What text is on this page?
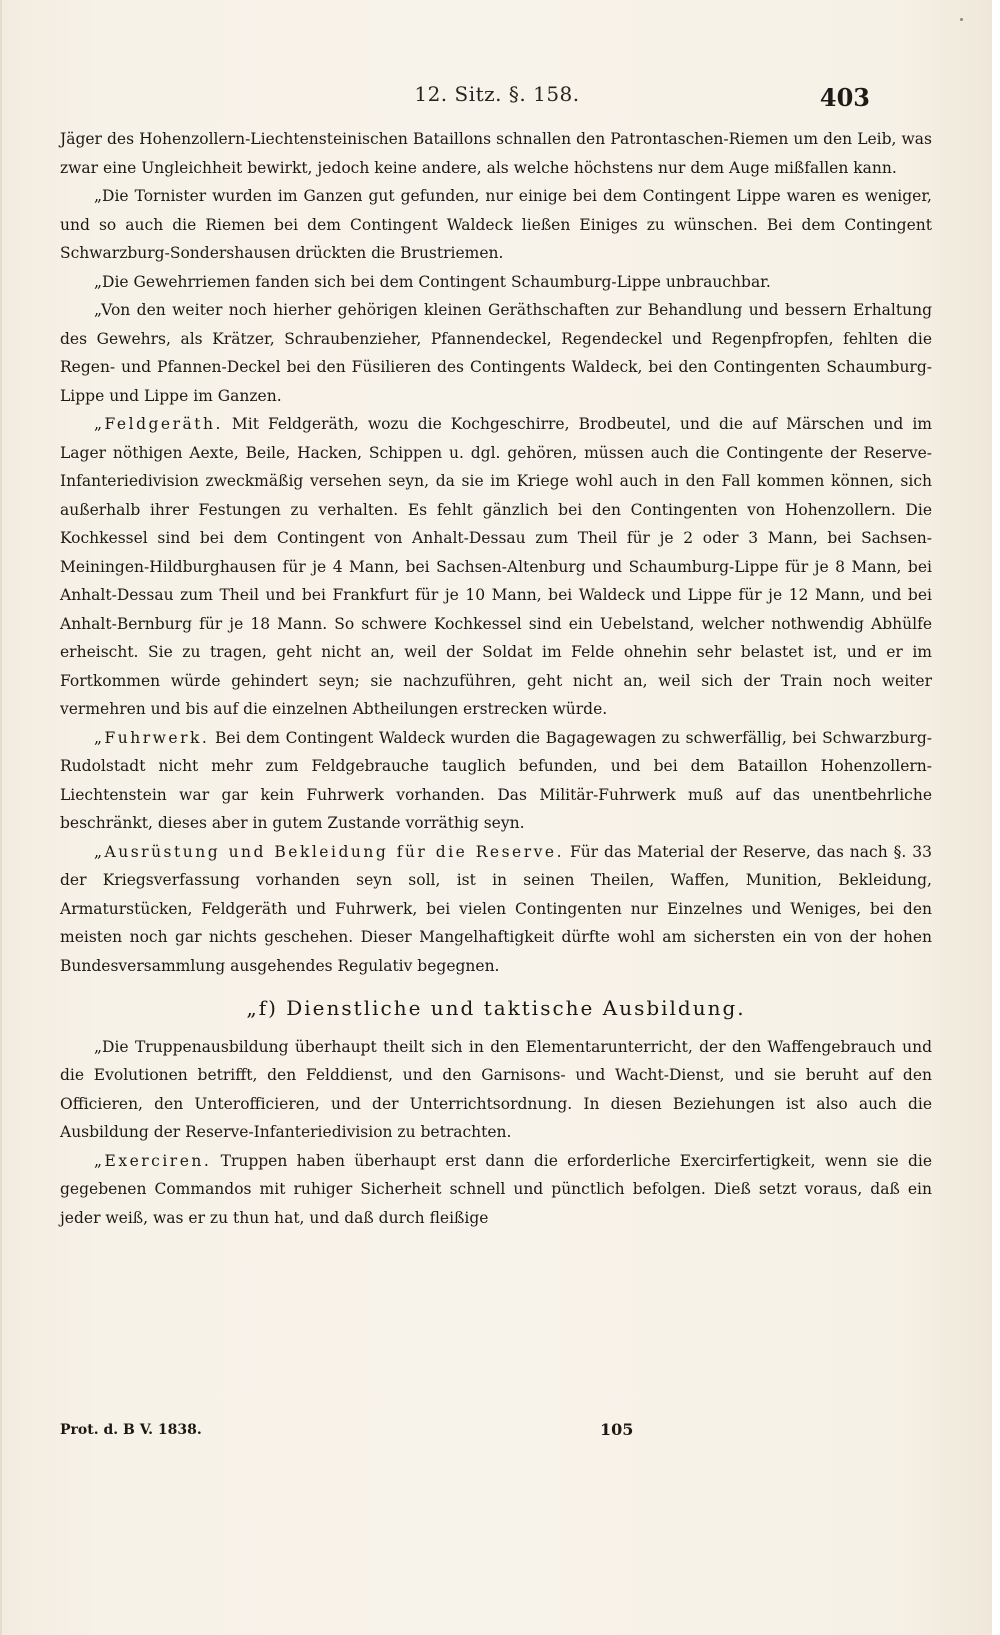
12. Sitz. §. 158.	403

Jäger des Hohenzollern-Liechtensteinischen Bataillons schnallen den Patrontaschen-Riemen um den Leib, was zwar eine Ungleichheit bewirkt, jedoch keine andere, als welche höchstens nur dem Auge mißfallen kann.

„Die Tornister wurden im Ganzen gut gefunden, nur einige bei dem Contingent Lippe waren es weniger, und so auch die Riemen bei dem Contingent Waldeck ließen Einiges zu wünschen. Bei dem Contingent Schwarzburg-Sondershausen drückten die Brustriemen.

„Die Gewehrriemen fanden sich bei dem Contingent Schaumburg-Lippe unbrauchbar.

„Von den weiter noch hierher gehörigen kleinen Geräthschaften zur Behandlung und bessern Erhaltung des Gewehrs, als Krätzer, Schraubenzieher, Pfannendeckel, Regendeckel und Regenpfropfen, fehlten die Regen- und Pfannen-Deckel bei den Füsilieren des Contingents Waldeck, bei den Contingenten Schaumburg-Lippe und Lippe im Ganzen.

„Feldgeräth. Mit Feldgeräth, wozu die Kochgeschirre, Brodbeutel, und die auf Märschen und im Lager nöthigen Aexte, Beile, Hacken, Schippen u. dgl. gehören, müssen auch die Contingente der Reserve-Infanteriedivision zweckmäßig versehen seyn, da sie im Kriege wohl auch in den Fall kommen können, sich außerhalb ihrer Festungen zu verhalten. Es fehlt gänzlich bei den Contingenten von Hohenzollern. Die Kochkessel sind bei dem Contingent von Anhalt-Dessau zum Theil für je 2 oder 3 Mann, bei Sachsen-Meiningen-Hildburghausen für je 4 Mann, bei Sachsen-Altenburg und Schaumburg-Lippe für je 8 Mann, bei Anhalt-Dessau zum Theil und bei Frankfurt für je 10 Mann, bei Waldeck und Lippe für je 12 Mann, und bei Anhalt-Bernburg für je 18 Mann. So schwere Kochkessel sind ein Uebelstand, welcher nothwendig Abhülfe erheischt. Sie zu tragen, geht nicht an, weil der Soldat im Felde ohnehin sehr belastet ist, und er im Fortkommen würde gehindert seyn; sie nachzuführen, geht nicht an, weil sich der Train noch weiter vermehren und bis auf die einzelnen Abtheilungen erstrecken würde.

„Fuhrwerk. Bei dem Contingent Waldeck wurden die Bagagewagen zu schwerfällig, bei Schwarzburg-Rudolstadt nicht mehr zum Feldgebrauche tauglich befunden, und bei dem Bataillon Hohenzollern-Liechtenstein war gar kein Fuhrwerk vorhanden. Das Militär-Fuhrwerk muß auf das unentbehrliche beschränkt, dieses aber in gutem Zustande vorräthig seyn.

„Ausrüstung und Bekleidung für die Reserve. Für das Material der Reserve, das nach §. 33 der Kriegsverfassung vorhanden seyn soll, ist in seinen Theilen, Waffen, Munition, Bekleidung, Armaturstücken, Feldgeräth und Fuhrwerk, bei vielen Contingenten nur Einzelnes und Weniges, bei den meisten noch gar nichts geschehen. Dieser Mangelhaftigkeit dürfte wohl am sichersten ein von der hohen Bundesversammlung ausgehendes Regulativ begegnen.

„f) Dienstliche und taktische Ausbildung.

„Die Truppenausbildung überhaupt theilt sich in den Elementarunterricht, der den Waffengebrauch und die Evolutionen betrifft, den Felddienst, und den Garnisons- und Wacht-Dienst, und sie beruht auf den Officieren, den Unterofficieren, und der Unterrichtsordnung. In diesen Beziehungen ist also auch die Ausbildung der Reserve-Infanteriedivision zu betrachten.

„Exerciren. Truppen haben überhaupt erst dann die erforderliche Exercirfertigkeit, wenn sie die gegebenen Commandos mit ruhiger Sicherheit schnell und pünctlich befolgen. Dieß setzt voraus, daß ein jeder weiß, was er zu thun hat, und daß durch fleißige

Prot. d. B V. 1838.	105
